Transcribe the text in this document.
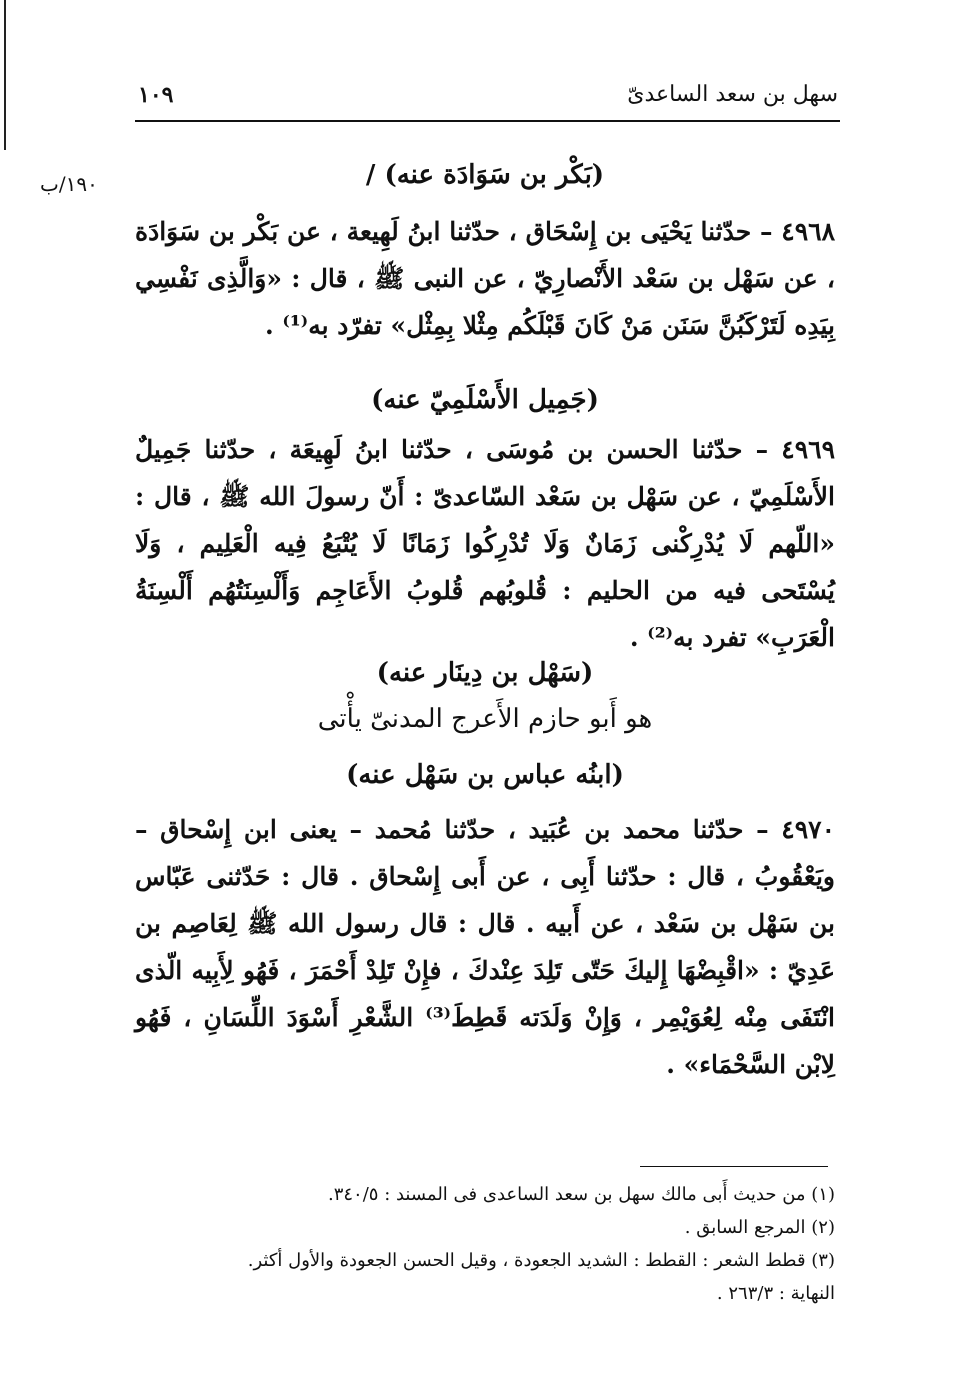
سهل بن سعد الساعدىّ
١٠٩
١٩٠/ب	(بَكْر بن سَوَادَة عنه) /
٤٩٦٨ – حدّثنا يَحْيَى بن إِسْحَاق ، حدّثنا ابنُ لَهِيعة ، عن بَكْر بن سَوَادَة ، عن سَهْل بن سَعْد الأَنْصارِيّ ، عن النبى ﷺ ، قال : «وَالَّذِى نَفْسِي بِيَدِه لَتَرْكَبُنَّ سَنَن مَنْ كَانَ قَبْلَكُم مِثْلا بِمِثْل» تفرّد به⁽¹⁾ .
(جَمِيل الأَسْلَمِيّ عنه)
٤٩٦٩ – حدّثنا الحسن بن مُوسَى ، حدّثنا ابنُ لَهِيعَة ، حدّثنا جَمِيلٌ الأَسْلَمِيّ ، عن سَهْل بن سَعْد السّاعدىّ : أَنّ رسولَ الله ﷺ ، قال : «اللّهم لَا يُدْرِكْنى زَمَانٌ وَلَا تُدْرِكُوا زَمَانًا لَا يُتْبَعُ فِيه الْعَلِيم ، وَلَا يُسْتَحى فيه من الحليم : قُلوبُهم قُلوبُ الأَعَاجِم وَأَلْسِنَتُهُم أَلْسِنَةُ الْعَرَبِ» تفرد به⁽²⁾ .
(سَهْل بن دِينَار عنه)
هو أَبو حازم الأَعرج المدنىّ يأْتى
(ابنُه عباس بن سَهْل عنه)
٤٩٧٠ – حدّثنا محمد بن عُبَيد ، حدّثنا مُحمد – يعنى ابن إِسْحاق – ويَعْقُوبُ ، قال : حدّثنا أَبِى ، عن أَبى إِسْحاق . قال : حَدّثنى عَبّاس بن سَهْل بن سَعْد ، عن أَبيه . قال : قال رسول الله ﷺ لِعَاصِم بن عَدِيّ : «اقْبِضْهَا إِليكَ حَتّى تَلِدَ عِنْدكَ ، فإِنْ تَلِدْ أَحْمَرَ ، فَهُو لِأَبِيه الّذى انْتَفَى مِنْه لِعُوَيْمِر ، وَإِنْ وَلَدَته قَطِطَ⁽³⁾ الشَّعْرِ أَسْوَدَ اللِّسَانِ ، فَهُو لِابْن السَّحْمَاء» .
(١) من حديث أَبى مالك سهل بن سعد الساعدى فى المسند : ٣٤٠/٥.
(٢) المرجع السابق .
(٣) قطط الشعر : القطط : الشديد الجعودة ، وقيل الحسن الجعودة والأول أكثر.
النهاية : ٢٦٣/٣ .
